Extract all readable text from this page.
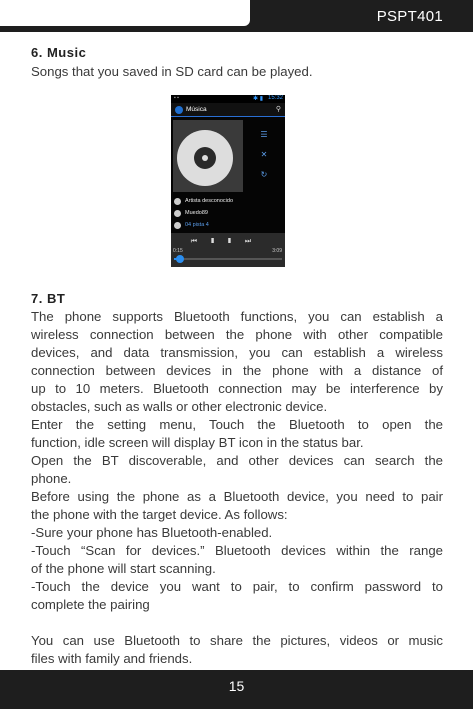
PSPT401
6. Music
Songs that you saved in SD card can be played.
▪ ▪	✱ ▮ 15:32
Música	⚲
☰
✕
↻
Artista desconocido
Muedo89
04 pista 4
⏮❚❚⏭
0:15	3:09
7. BT
The phone supports Bluetooth functions, you can establish a
wireless connection between the phone with other compatible
devices, and data transmission, you can establish a wireless
connection between devices in the phone with a distance of
up to 10 meters. Bluetooth connection may be interference by
obstacles, such as walls or other electronic device.
Enter the setting menu, Touch the Bluetooth to open the
function, idle screen will display BT icon in the status bar.
Open the BT discoverable, and other devices can search the
phone.
Before using the phone as a Bluetooth device, you need to pair
the phone with the target device. As follows:
-Sure your phone has Bluetooth-enabled.
-Touch “Scan for devices.” Bluetooth devices within the range
of the phone will start scanning.
-Touch the device you want to pair, to confirm password to
complete the pairing
You can use Bluetooth to share the pictures, videos or music
files with family and friends.
15
